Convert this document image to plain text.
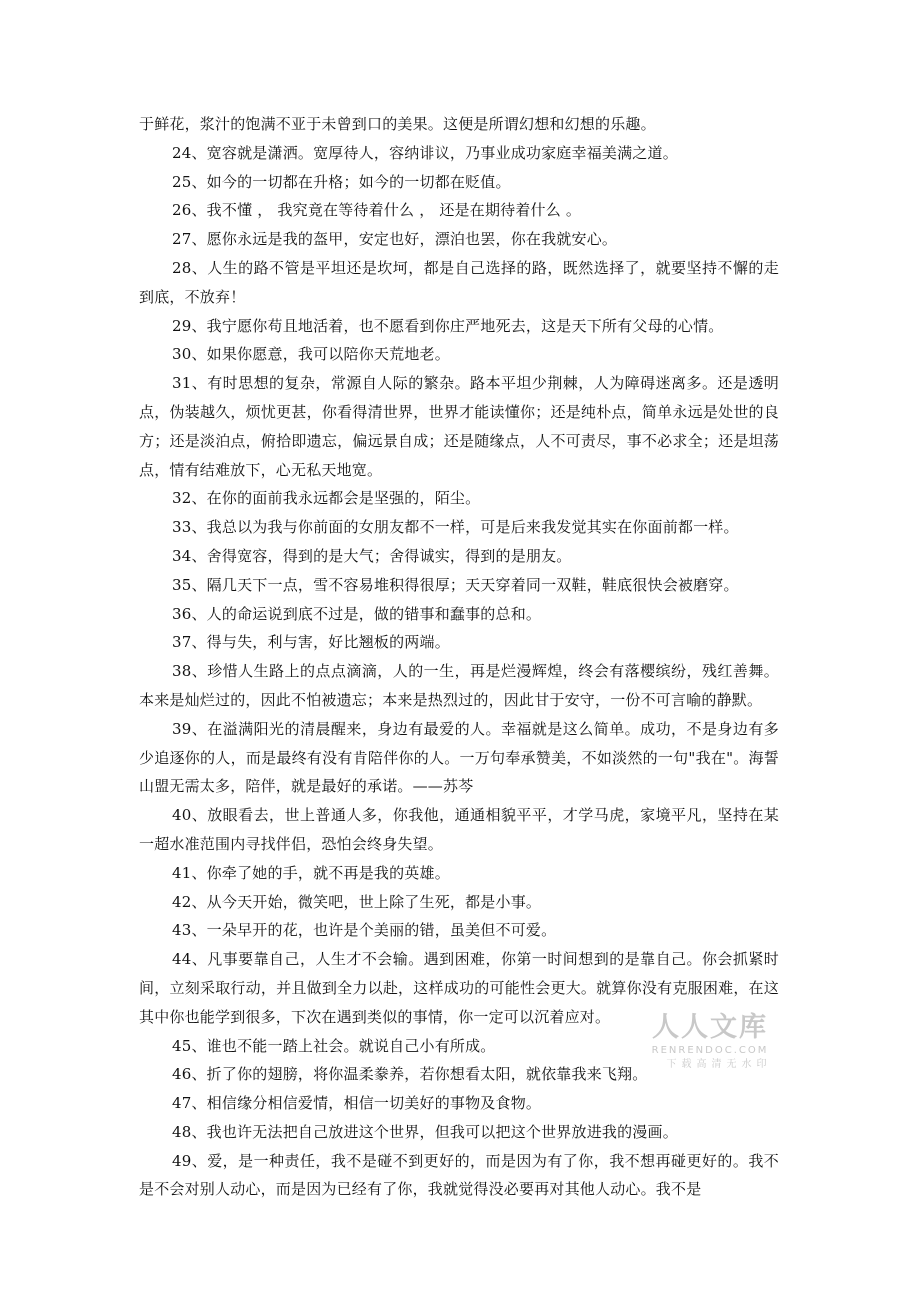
于鲜花，浆汁的饱满不亚于未曾到口的美果。这便是所谓幻想和幻想的乐趣。

24、宽容就是潇洒。宽厚待人，容纳诽议，乃事业成功家庭幸福美满之道。

25、如今的一切都在升格；如今的一切都在贬值。

26、我不懂 ， 我究竟在等待着什么 ， 还是在期待着什么 。

27、愿你永远是我的盔甲，安定也好，漂泊也罢，你在我就安心。

28、人生的路不管是平坦还是坎坷，都是自己选择的路，既然选择了，就要坚持不懈的走到底，不放弃！

29、我宁愿你苟且地活着，也不愿看到你庄严地死去，这是天下所有父母的心情。

30、如果你愿意，我可以陪你天荒地老。

31、有时思想的复杂，常源自人际的繁杂。路本平坦少荆棘，人为障碍迷离多。还是透明点，伪装越久，烦忧更甚，你看得清世界，世界才能读懂你；还是纯朴点，简单永远是处世的良方；还是淡泊点，俯拾即遗忘，偏远景自成；还是随缘点，人不可责尽，事不必求全；还是坦荡点，情有结难放下，心无私天地宽。

32、在你的面前我永远都会是坚强的，陌尘。

33、我总以为我与你前面的女朋友都不一样，可是后来我发觉其实在你面前都一样。

34、舍得宽容，得到的是大气；舍得诚实，得到的是朋友。

35、隔几天下一点，雪不容易堆积得很厚；天天穿着同一双鞋，鞋底很快会被磨穿。

36、人的命运说到底不过是，做的错事和蠢事的总和。

37、得与失，利与害，好比翘板的两端。

38、珍惜人生路上的点点滴滴，人的一生，再是烂漫辉煌，终会有落樱缤纷，残红善舞。本来是灿烂过的，因此不怕被遗忘；本来是热烈过的，因此甘于安守，一份不可言喻的静默。

39、在溢满阳光的清晨醒来，身边有最爱的人。幸福就是这么简单。成功，不是身边有多少追逐你的人，而是最终有没有肯陪伴你的人。一万句奉承赞美，不如淡然的一句"我在"。海誓山盟无需太多，陪伴，就是最好的承诺。——苏芩

40、放眼看去，世上普通人多，你我他，通通相貌平平，才学马虎，家境平凡，坚持在某一超水准范围内寻找伴侣，恐怕会终身失望。

41、你牵了她的手，就不再是我的英雄。

42、从今天开始，微笑吧，世上除了生死，都是小事。

43、一朵早开的花，也许是个美丽的错，虽美但不可爱。

44、凡事要靠自己，人生才不会输。遇到困难，你第一时间想到的是靠自己。你会抓紧时间，立刻采取行动，并且做到全力以赴，这样成功的可能性会更大。就算你没有克服困难，在这其中你也能学到很多，下次在遇到类似的事情，你一定可以沉着应对。

45、谁也不能一踏上社会。就说自己小有所成。

46、折了你的翅膀，将你温柔豢养，若你想看太阳，就依靠我来飞翔。

47、相信缘分相信爱情，相信一切美好的事物及食物。

48、我也许无法把自己放进这个世界，但我可以把这个世界放进我的漫画。

49、爱，是一种责任，我不是碰不到更好的，而是因为有了你，我不想再碰更好的。我不是不会对别人动心，而是因为已经有了你，我就觉得没必要再对其他人动心。我不是

人人文库
RENRENDOC.COM
下载高清无水印
